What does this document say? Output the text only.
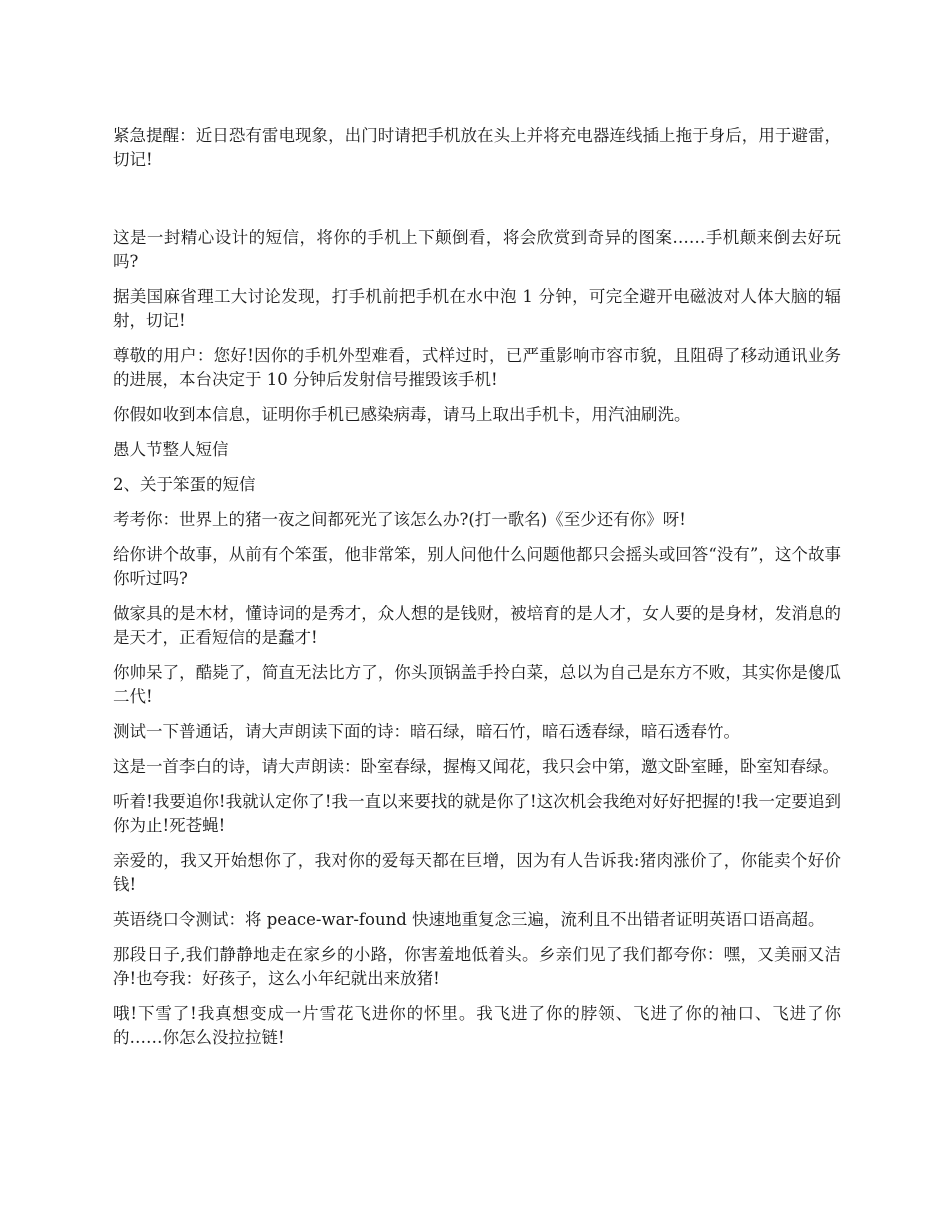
紧急提醒：近日恐有雷电现象，出门时请把手机放在头上并将充电器连线插上拖于身后，用于避雷，切记!

这是一封精心设计的短信，将你的手机上下颠倒看，将会欣赏到奇异的图案……手机颠来倒去好玩吗?

据美国麻省理工大讨论发现，打手机前把手机在水中泡 1 分钟，可完全避开电磁波对人体大脑的辐射，切记!

尊敬的用户：您好!因你的手机外型难看，式样过时，已严重影响市容市貌，且阻碍了移动通讯业务的进展，本台决定于 10 分钟后发射信号摧毁该手机!

你假如收到本信息，证明你手机已感染病毒，请马上取出手机卡，用汽油刷洗。

愚人节整人短信

2、关于笨蛋的短信

考考你：世界上的猪一夜之间都死光了该怎么办?(打一歌名)《至少还有你》呀!

给你讲个故事，从前有个笨蛋，他非常笨，别人问他什么问题他都只会摇头或回答“没有”，这个故事你听过吗?

做家具的是木材，懂诗词的是秀才，众人想的是钱财，被培育的是人才，女人要的是身材，发消息的是天才，正看短信的是蠢才!

你帅呆了，酷毙了，简直无法比方了，你头顶锅盖手拎白菜，总以为自己是东方不败，其实你是傻瓜二代!

测试一下普通话，请大声朗读下面的诗：暗石绿，暗石竹，暗石透春绿，暗石透春竹。

这是一首李白的诗，请大声朗读：卧室春绿，握梅又闻花，我只会中第，邀文卧室睡，卧室知春绿。

听着!我要追你!我就认定你了!我一直以来要找的就是你了!这次机会我绝对好好把握的!我一定要追到你为止!死苍蝇!

亲爱的，我又开始想你了，我对你的爱每天都在巨增，因为有人告诉我:猪肉涨价了，你能卖个好价钱!

英语绕口令测试：将 peace-war-found 快速地重复念三遍，流利且不出错者证明英语口语高超。

那段日子,我们静静地走在家乡的小路，你害羞地低着头。乡亲们见了我们都夸你：嘿，又美丽又洁净!也夸我：好孩子，这么小年纪就出来放猪!

哦!下雪了!我真想变成一片雪花飞进你的怀里。我飞进了你的脖领、飞进了你的袖口、飞进了你的……你怎么没拉拉链!
